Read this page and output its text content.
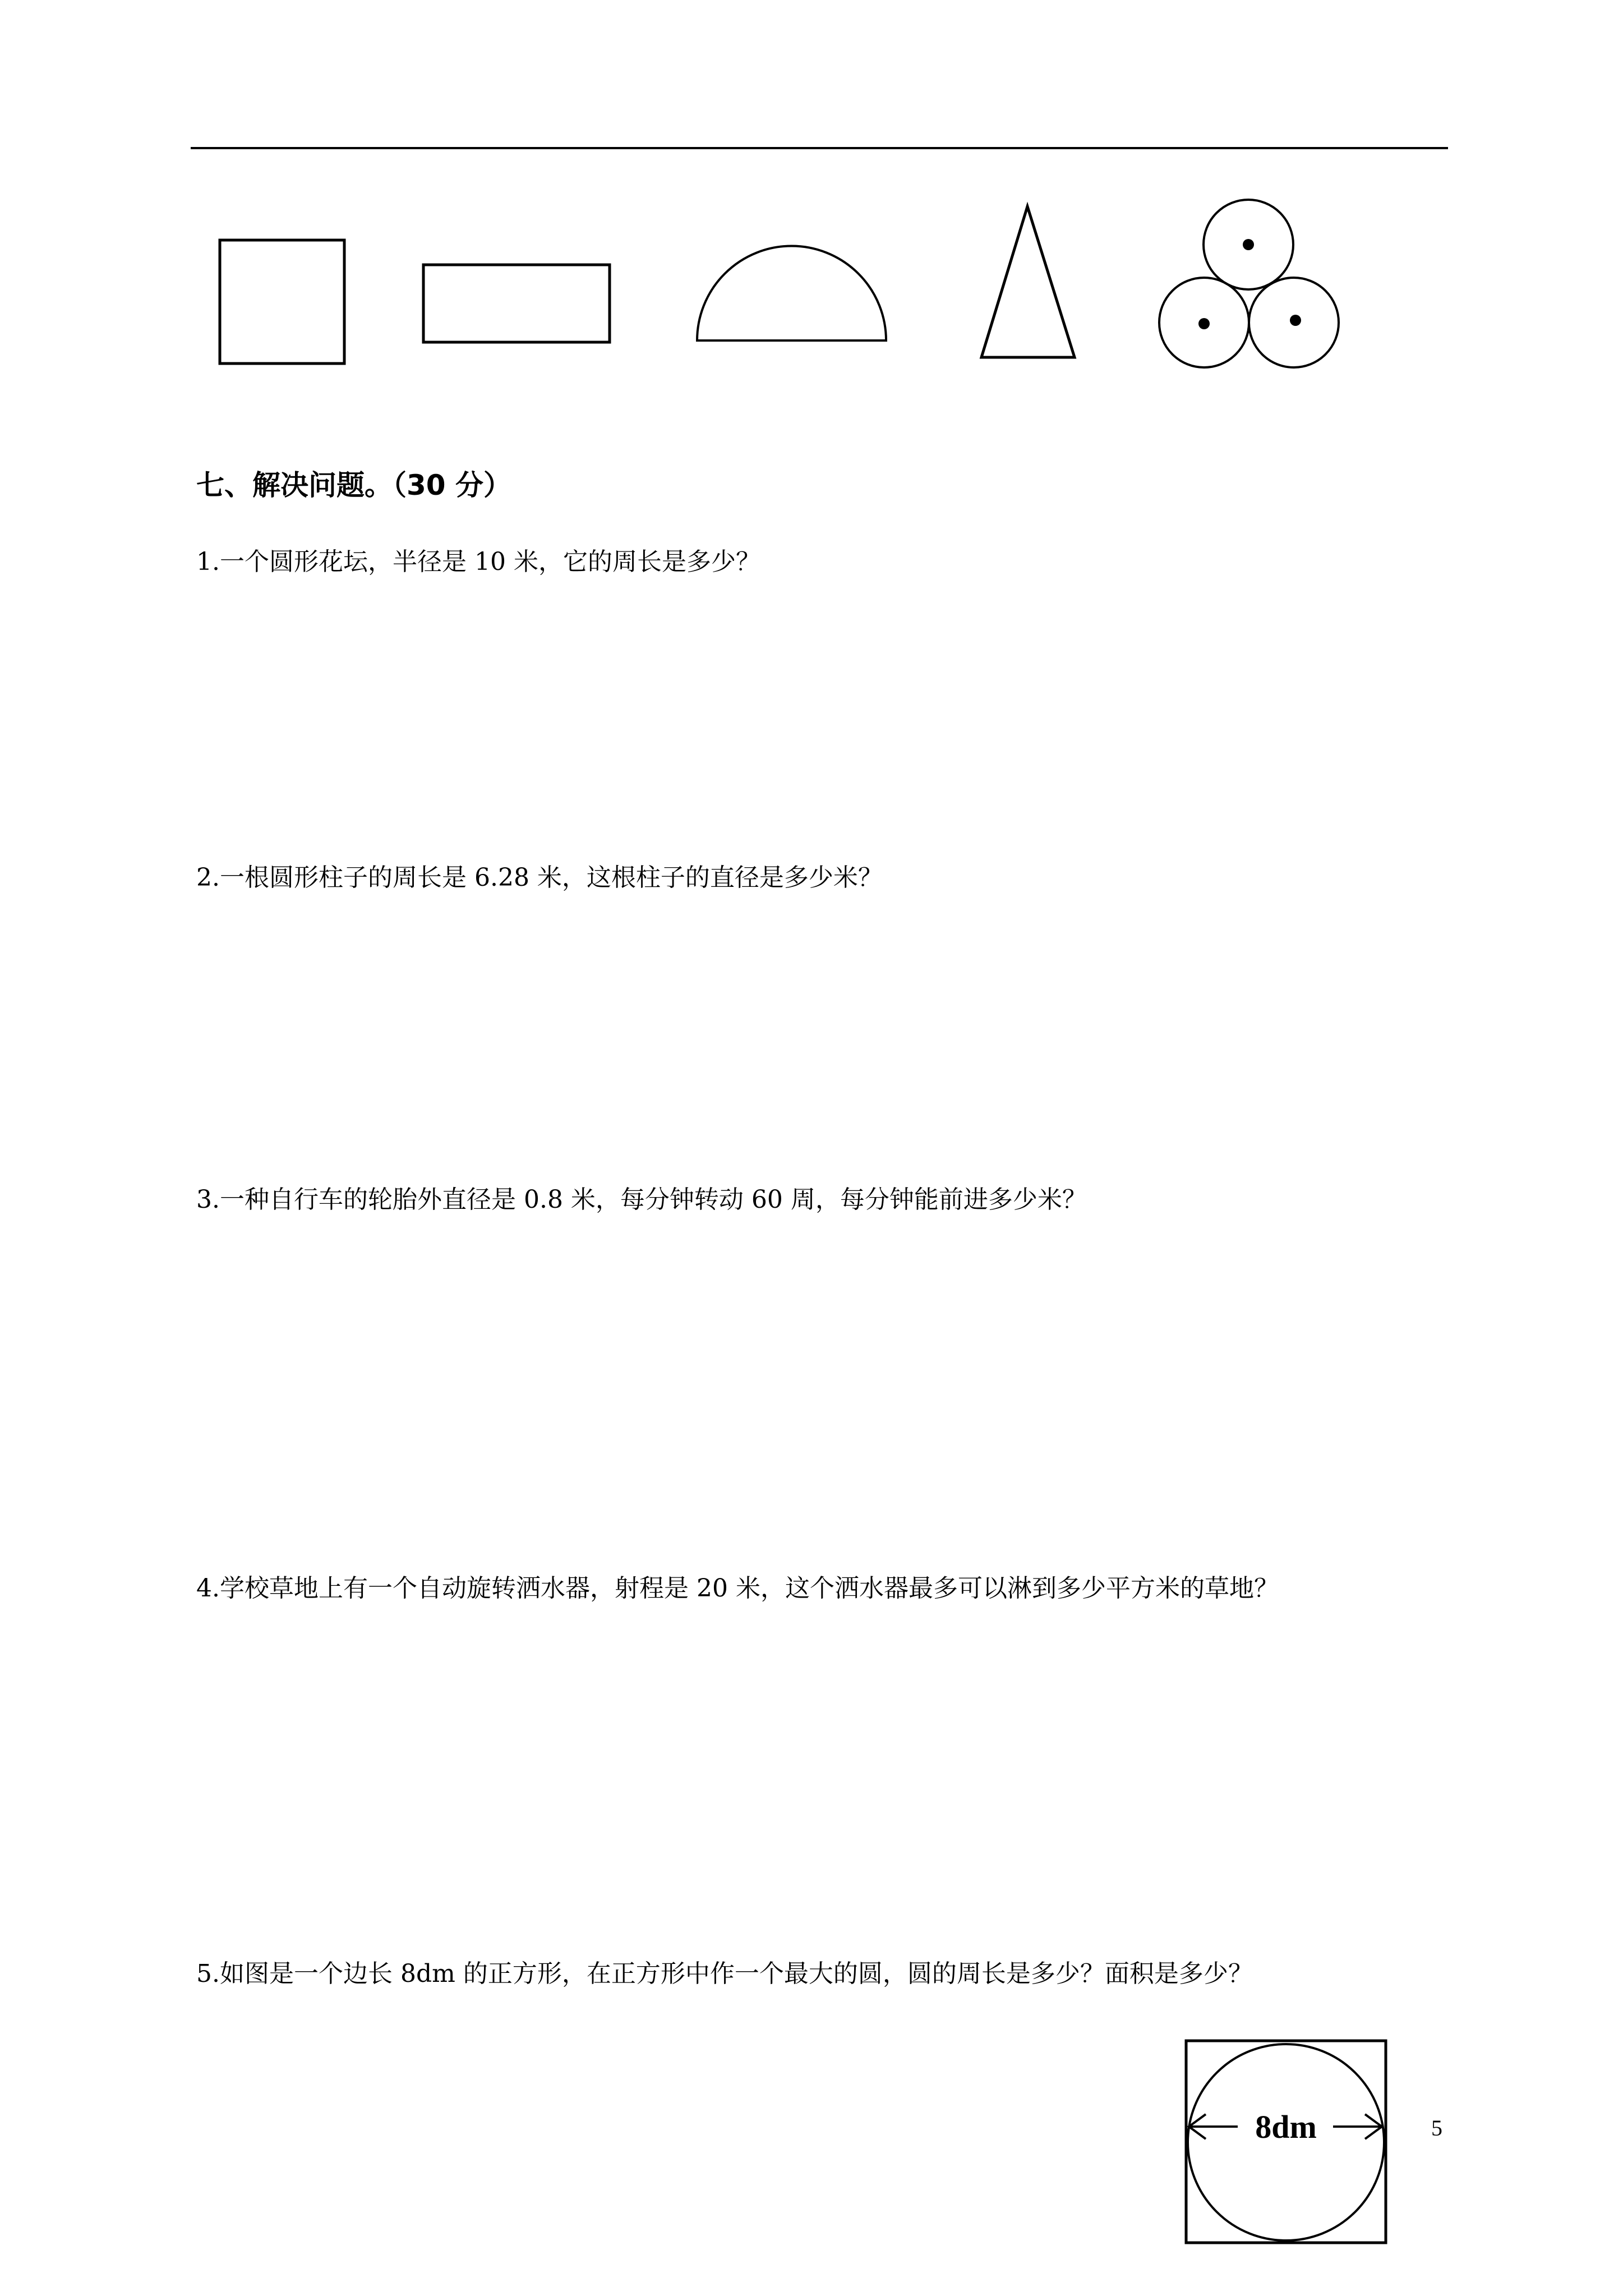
七、解决问题。（30 分）
1.一个圆形花坛，半径是 10 米，它的周长是多少？
2.一根圆形柱子的周长是 6.28 米，这根柱子的直径是多少米？
3.一种自行车的轮胎外直径是 0.8 米，每分钟转动 60 周，每分钟能前进多少米？
4.学校草地上有一个自动旋转洒水器，射程是 20 米，这个洒水器最多可以淋到多少平方米的草地？
5.如图是一个边长 8dm 的正方形，在正方形中作一个最大的圆，圆的周长是多少？面积是多少？
8dm	5
